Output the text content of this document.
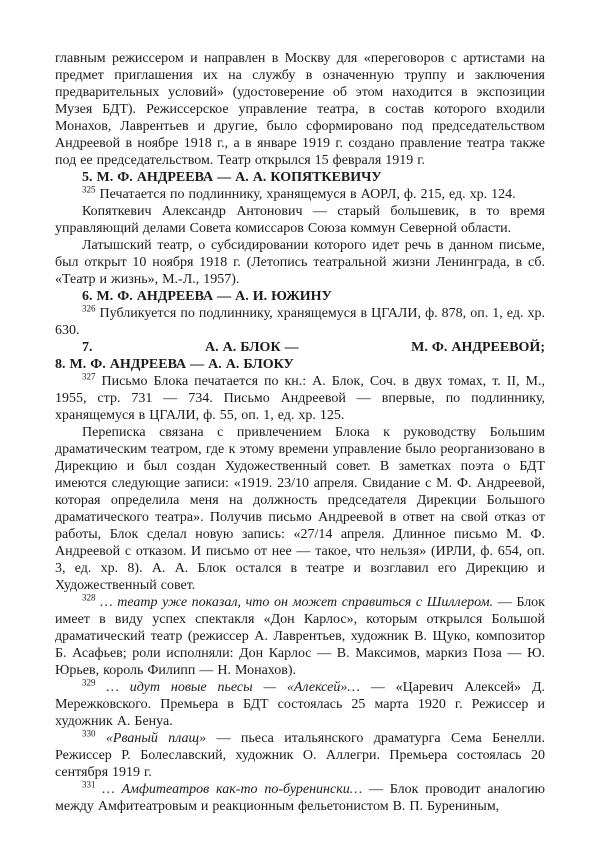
главным режиссером и направлен в Москву для «переговоров с артистами на предмет приглашения их на службу в означенную труппу и заключения предварительных условий» (удостоверение об этом находится в экспозиции Музея БДТ). Режиссерское управление театра, в состав которого входили Монахов, Лаврентьев и другие, было сформировано под председательством Андреевой в ноябре 1918 г., а в январе 1919 г. создано правление театра также под ее председательством. Театр открылся 15 февраля 1919 г.

5. М. Ф. АНДРЕЕВА — А. А. КОПЯТКЕВИЧУ

$^{325}$ Печатается по подлиннику, хранящемуся в АОРЛ, ф. 215, ед. хр. 124.

Копяткевич Александр Антонович — старый большевик, в то время управляющий делами Совета комиссаров Союза коммун Северной области.

Латышский театр, о субсидировании которого идет речь в данном письме, был открыт 10 ноября 1918 г. (Летопись театральной жизни Ленинграда, в сб. «Театр и жизнь», М.-Л., 1957).

6. М. Ф. АНДРЕЕВА — А. И. ЮЖИНУ

$^{326}$ Публикуется по подлиннику, хранящемуся в ЦГАЛИ, ф. 878, оп. 1, ед. хр. 630.

7.	А. А. БЛОК —	М. Ф. АНДРЕЕВОЙ;

8. М. Ф. АНДРЕЕВА — А. А. БЛОКУ

$^{327}$ Письмо Блока печатается по кн.: А. Блок, Соч. в двух томах, т. II, М., 1955, стр. 731 — 734. Письмо Андреевой — впервые, по подлиннику, хранящемуся в ЦГАЛИ, ф. 55, оп. 1, ед. хр. 125.

Переписка связана с привлечением Блока к руководству Большим драматическим театром, где к этому времени управление было реорганизовано в Дирекцию и был создан Художественный совет. В заметках поэта о БДТ имеются следующие записи: «1919. 23/10 апреля. Свидание с М. Ф. Андреевой, которая определила меня на должность председателя Дирекции Большого драматического театра». Получив письмо Андреевой в ответ на свой отказ от работы, Блок сделал новую запись: «27/14 апреля. Длинное письмо М. Ф. Андреевой с отказом. И письмо от нее — такое, что нельзя» (ИРЛИ, ф. 654, оп. 3, ед. хр. 8). А. А. Блок остался в театре и возглавил его Дирекцию и Художественный совет.

$^{328}$ … театр уже показал, что он может справиться с Шиллером. — Блок имеет в виду успех спектакля «Дон Карлос», которым открылся Большой драматический театр (режиссер А. Лаврентьев, художник В. Щуко, композитор Б. Асафьев; роли исполняли: Дон Карлос — В. Максимов, маркиз Поза — Ю. Юрьев, король Филипп — Н. Монахов).

$^{329}$ … идут новые пьесы — «Алексей»… — «Царевич Алексей» Д. Мережковского. Премьера в БДТ состоялась 25 марта 1920 г. Режиссер и художник А. Бенуа.

$^{330}$ «Рваный плащ» — пьеса итальянского драматурга Сема Бенелли. Режиссер Р. Болеславский, художник О. Аллегри. Премьера состоялась 20 сентября 1919 г.

$^{331}$ … Амфитеатров как-то по-буренински… — Блок проводит аналогию между Амфитеатровым и реакционным фельетонистом В. П. Бурениным,
